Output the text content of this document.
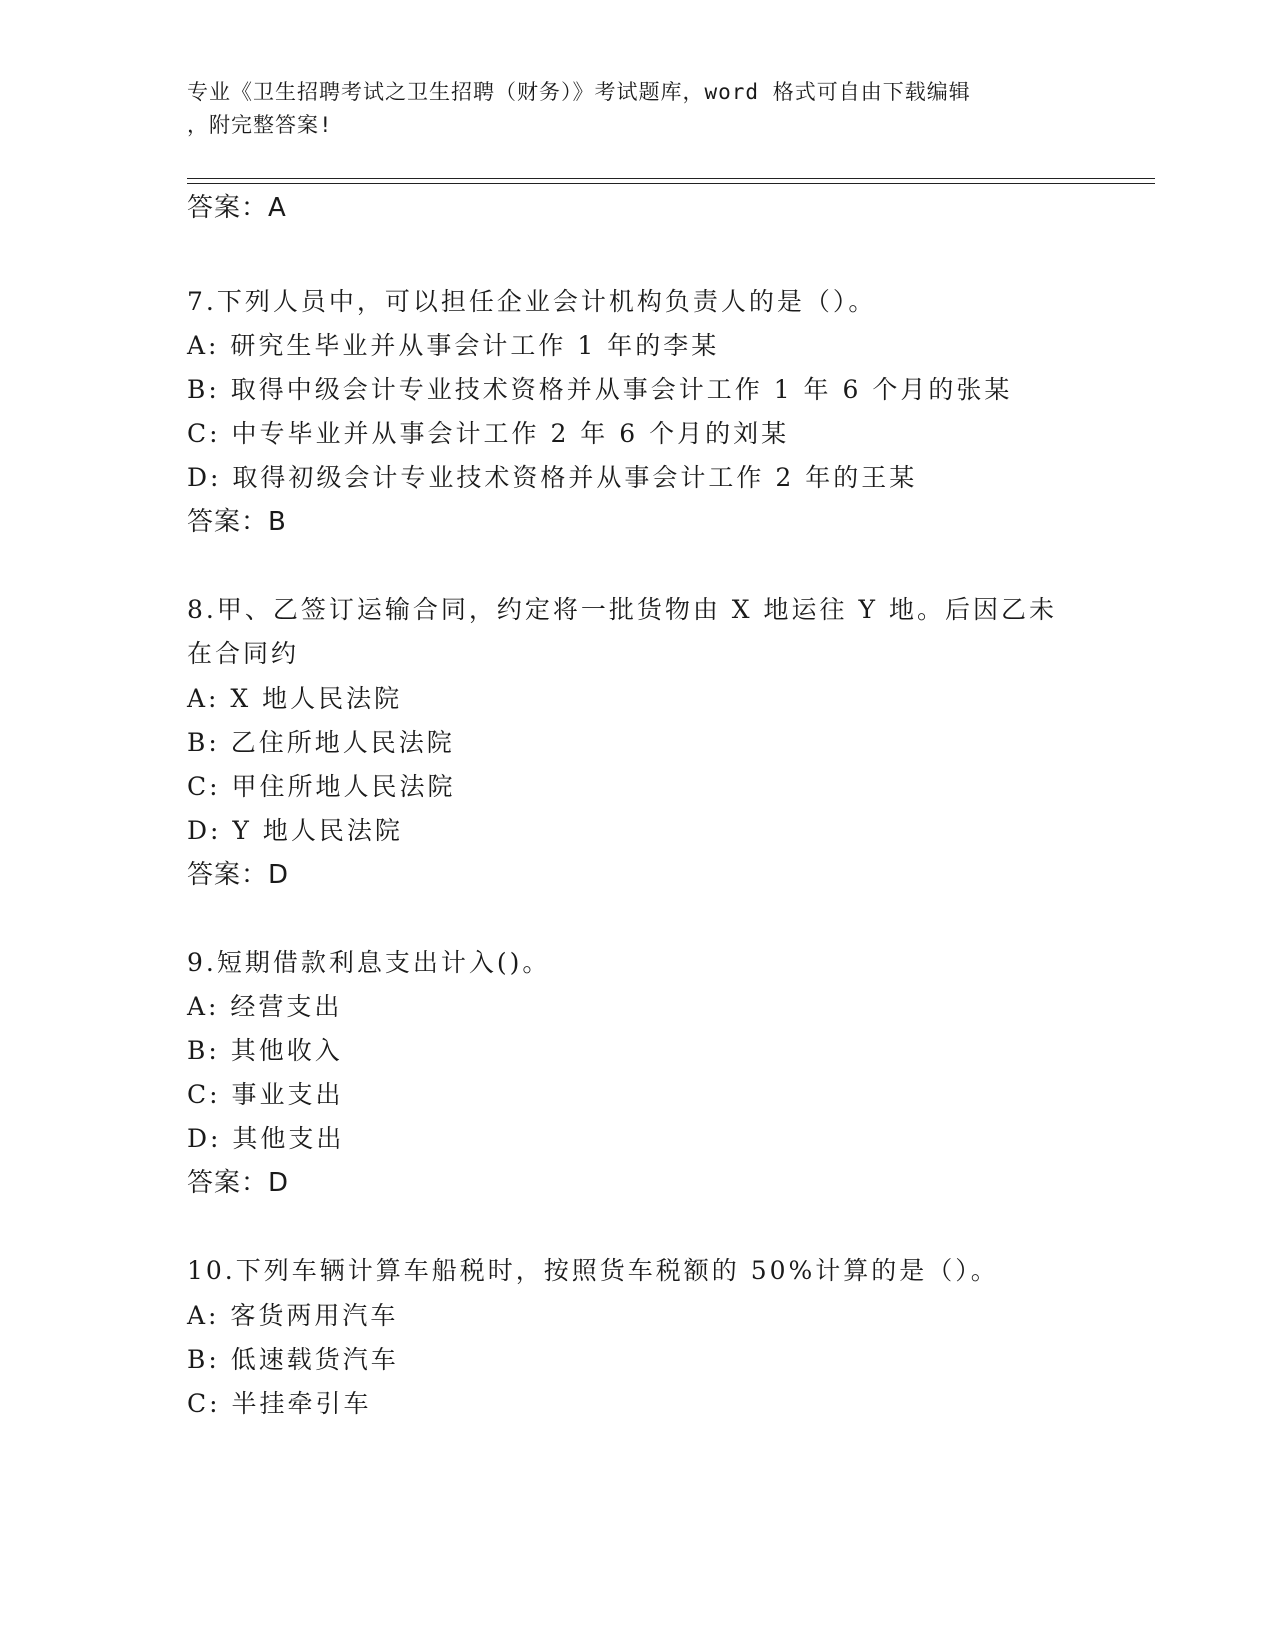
专业《卫生招聘考试之卫生招聘（财务）》考试题库，word 格式可自由下载编辑
，附完整答案!
答案：A
7.下列人员中，可以担任企业会计机构负责人的是（）。
A: 研究生毕业并从事会计工作 1 年的李某
B: 取得中级会计专业技术资格并从事会计工作 1 年 6 个月的张某
C: 中专毕业并从事会计工作 2 年 6 个月的刘某
D: 取得初级会计专业技术资格并从事会计工作 2 年的王某
答案：B
8.甲、乙签订运输合同，约定将一批货物由 X 地运往 Y 地。后因乙未
在合同约
A: X 地人民法院
B: 乙住所地人民法院
C: 甲住所地人民法院
D: Y 地人民法院
答案：D
9.短期借款利息支出计入()。
A: 经营支出
B: 其他收入
C: 事业支出
D: 其他支出
答案：D
10.下列车辆计算车船税时，按照货车税额的 50%计算的是（）。
A: 客货两用汽车
B: 低速载货汽车
C: 半挂牵引车
